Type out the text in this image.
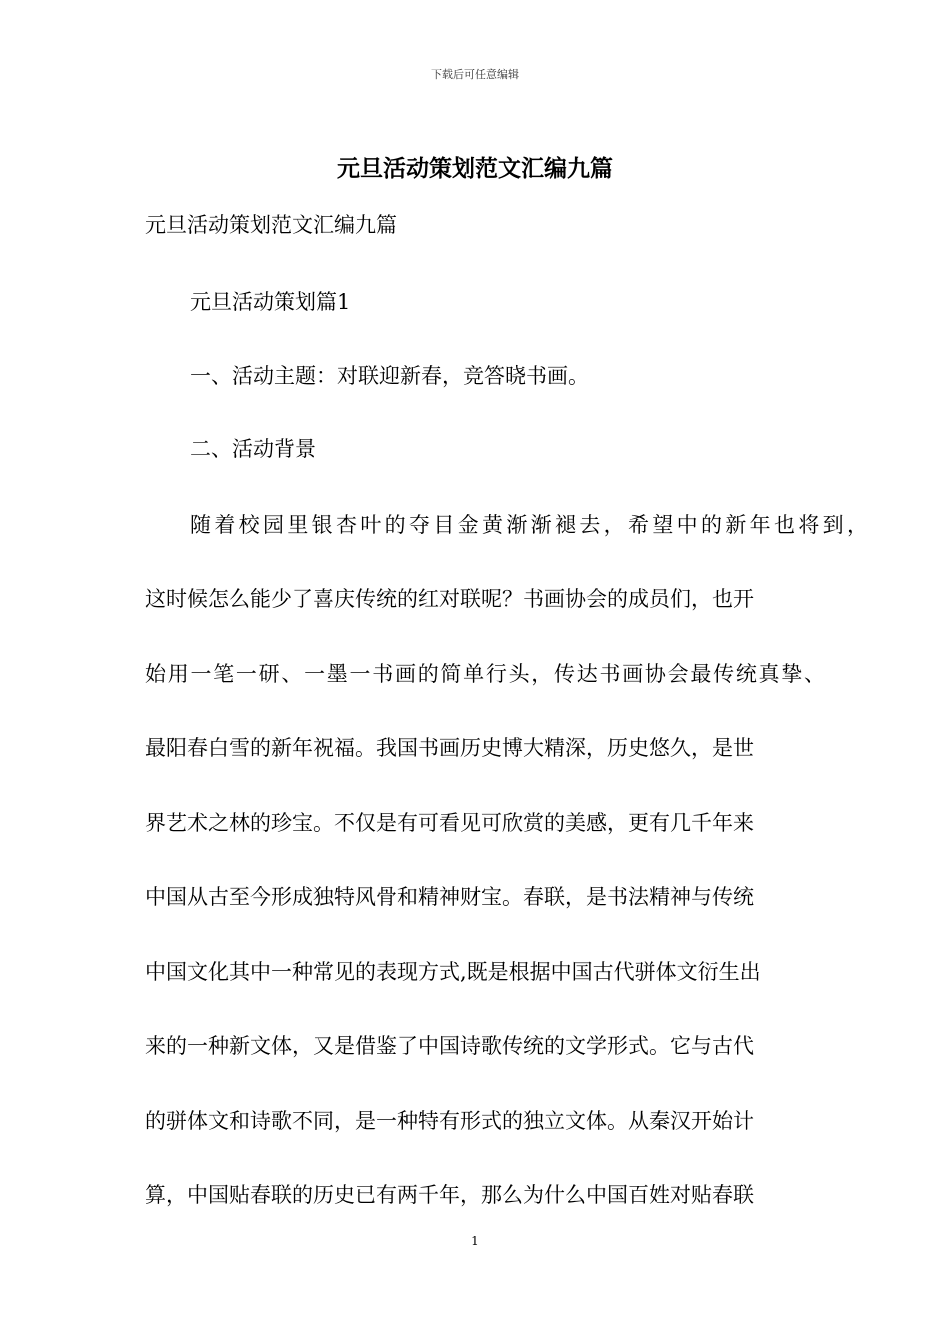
下载后可任意编辑
元旦活动策划范文汇编九篇

元旦活动策划范文汇编九篇

元旦活动策划篇1

一、活动主题：对联迎新春，竞答晓书画。

二、活动背景

随着校园里银杏叶的夺目金黄渐渐褪去，希望中的新年也将到，

这时候怎么能少了喜庆传统的红对联呢？书画协会的成员们，也开

始用一笔一研、一墨一书画的简单行头，传达书画协会最传统真挚、

最阳春白雪的新年祝福。我国书画历史博大精深，历史悠久，是世

界艺术之林的珍宝。不仅是有可看见可欣赏的美感，更有几千年来

中国从古至今形成独特风骨和精神财宝。春联，是书法精神与传统

中国文化其中一种常见的表现方式,既是根据中国古代骈体文衍生出

来的一种新文体，又是借鉴了中国诗歌传统的文学形式。它与古代

的骈体文和诗歌不同，是一种特有形式的独立文体。从秦汉开始计

算，中国贴春联的历史已有两千年，那么为什么中国百姓对贴春联

1
